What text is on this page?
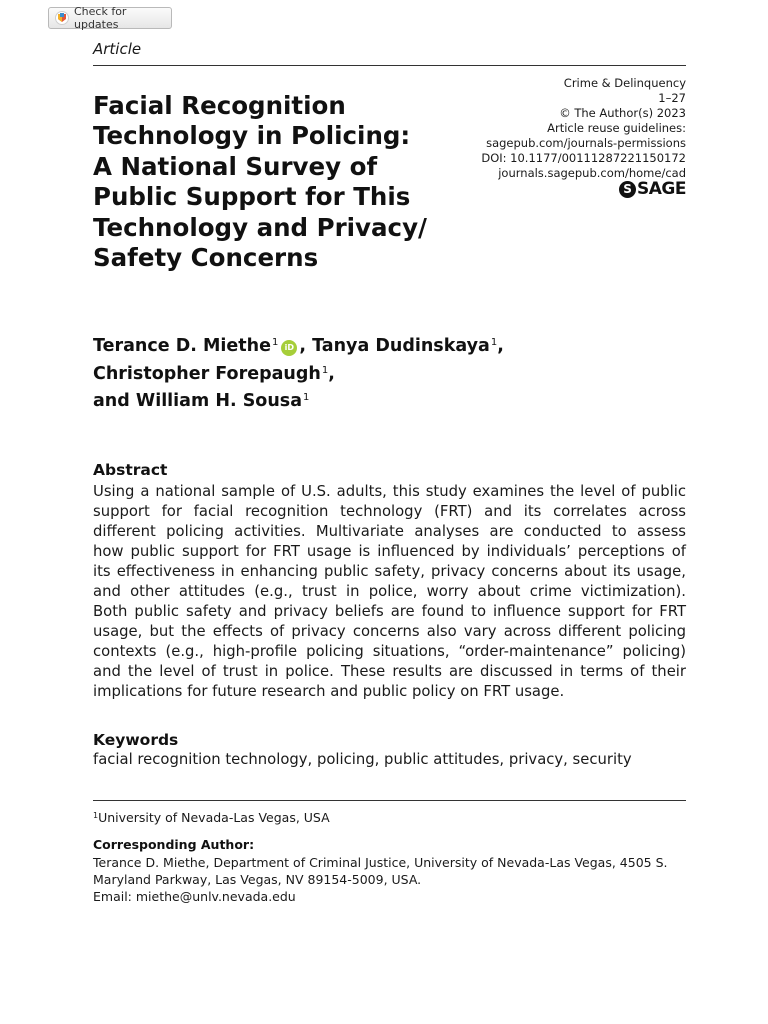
Check for updates
Article
Crime & Delinquency
1–27
© The Author(s) 2023
Article reuse guidelines:
sagepub.com/journals-permissions
DOI: 10.1177/00111287221150172
journals.sagepub.com/home/cad
S SAGE
Facial Recognition
Technology in Policing:
A National Survey of
Public Support for This
Technology and Privacy/
Safety Concerns
Terance D. Miethe$^1$ iD , Tanya Dudinskaya$^1$,
Christopher Forepaugh$^1$,
and William H. Sousa$^1$
Abstract

Using a national sample of U.S. adults, this study examines the level of public
support for facial recognition technology (FRT) and its correlates across
different policing activities. Multivariate analyses are conducted to assess
how public support for FRT usage is influenced by individuals’ perceptions of
its effectiveness in enhancing public safety, privacy concerns about its usage,
and other attitudes (e.g., trust in police, worry about crime victimization).
Both public safety and privacy beliefs are found to influence support for FRT
usage, but the effects of privacy concerns also vary across different policing
contexts (e.g., high-profile policing situations, “order-maintenance” policing)
and the level of trust in police. These results are discussed in terms of their
implications for future research and public policy on FRT usage.

Keywords
facial recognition technology, policing, public attitudes, privacy, security
$^1$University of Nevada-Las Vegas, USA
Corresponding Author:
Terance D. Miethe, Department of Criminal Justice, University of Nevada-Las Vegas, 4505 S.
Maryland Parkway, Las Vegas, NV 89154-5009, USA.
Email: miethe@unlv.nevada.edu
